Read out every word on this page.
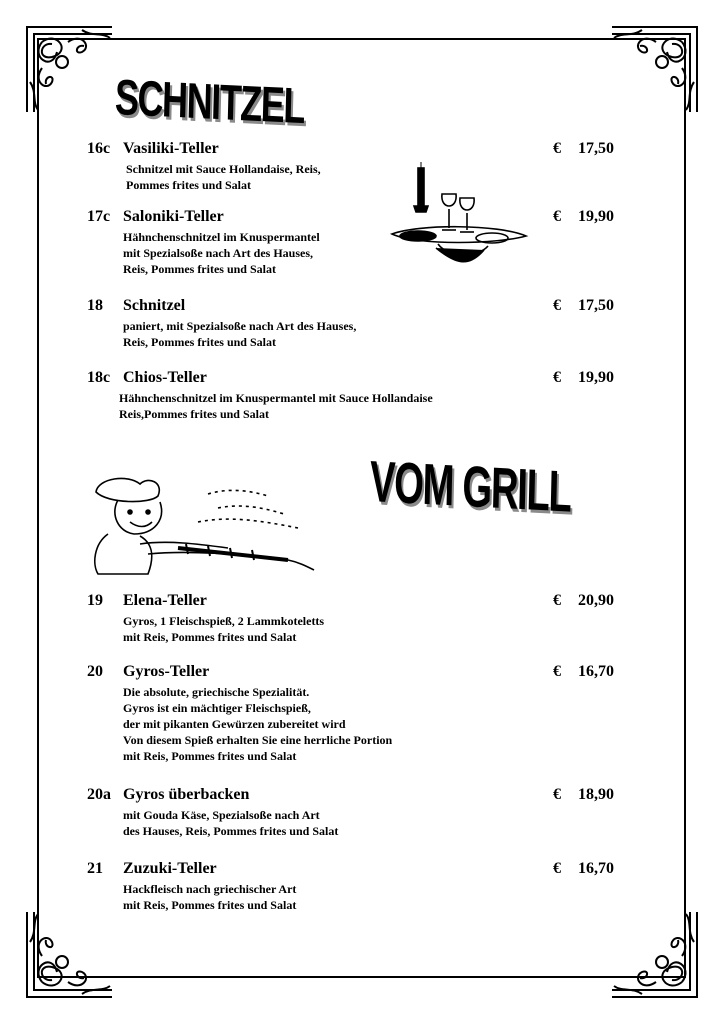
SCHNITZEL
16c Vasiliki-Teller	€ 17,50
Schnitzel mit Sauce Hollandaise, Reis,
Pommes frites und Salat
17c Saloniki-Teller	€ 19,90
Hähnchenschnitzel im Knuspermantel
mit Spezialsoße nach Art des Hauses,
Reis, Pommes frites und Salat
18 Schnitzel	€ 17,50
paniert, mit Spezialsoße nach Art des Hauses,
Reis, Pommes frites und Salat
18c Chios-Teller	€ 19,90
Hähnchenschnitzel im Knuspermantel mit Sauce Hollandaise
Reis,Pommes frites und Salat
VOM GRILL
19 Elena-Teller	€ 20,90
Gyros, 1 Fleischspieß, 2 Lammkoteletts
mit Reis, Pommes frites und Salat
20 Gyros-Teller	€ 16,70
Die absolute, griechische Spezialität.
Gyros ist ein mächtiger Fleischspieß,
der mit pikanten Gewürzen zubereitet wird
Von diesem Spieß erhalten Sie eine herrliche Portion
mit Reis, Pommes frites und Salat
20a Gyros überbacken	€ 18,90
mit Gouda Käse, Spezialsoße nach Art
des Hauses, Reis, Pommes frites und Salat
21 Zuzuki-Teller	€ 16,70
Hackfleisch nach griechischer Art
mit Reis, Pommes frites und Salat
